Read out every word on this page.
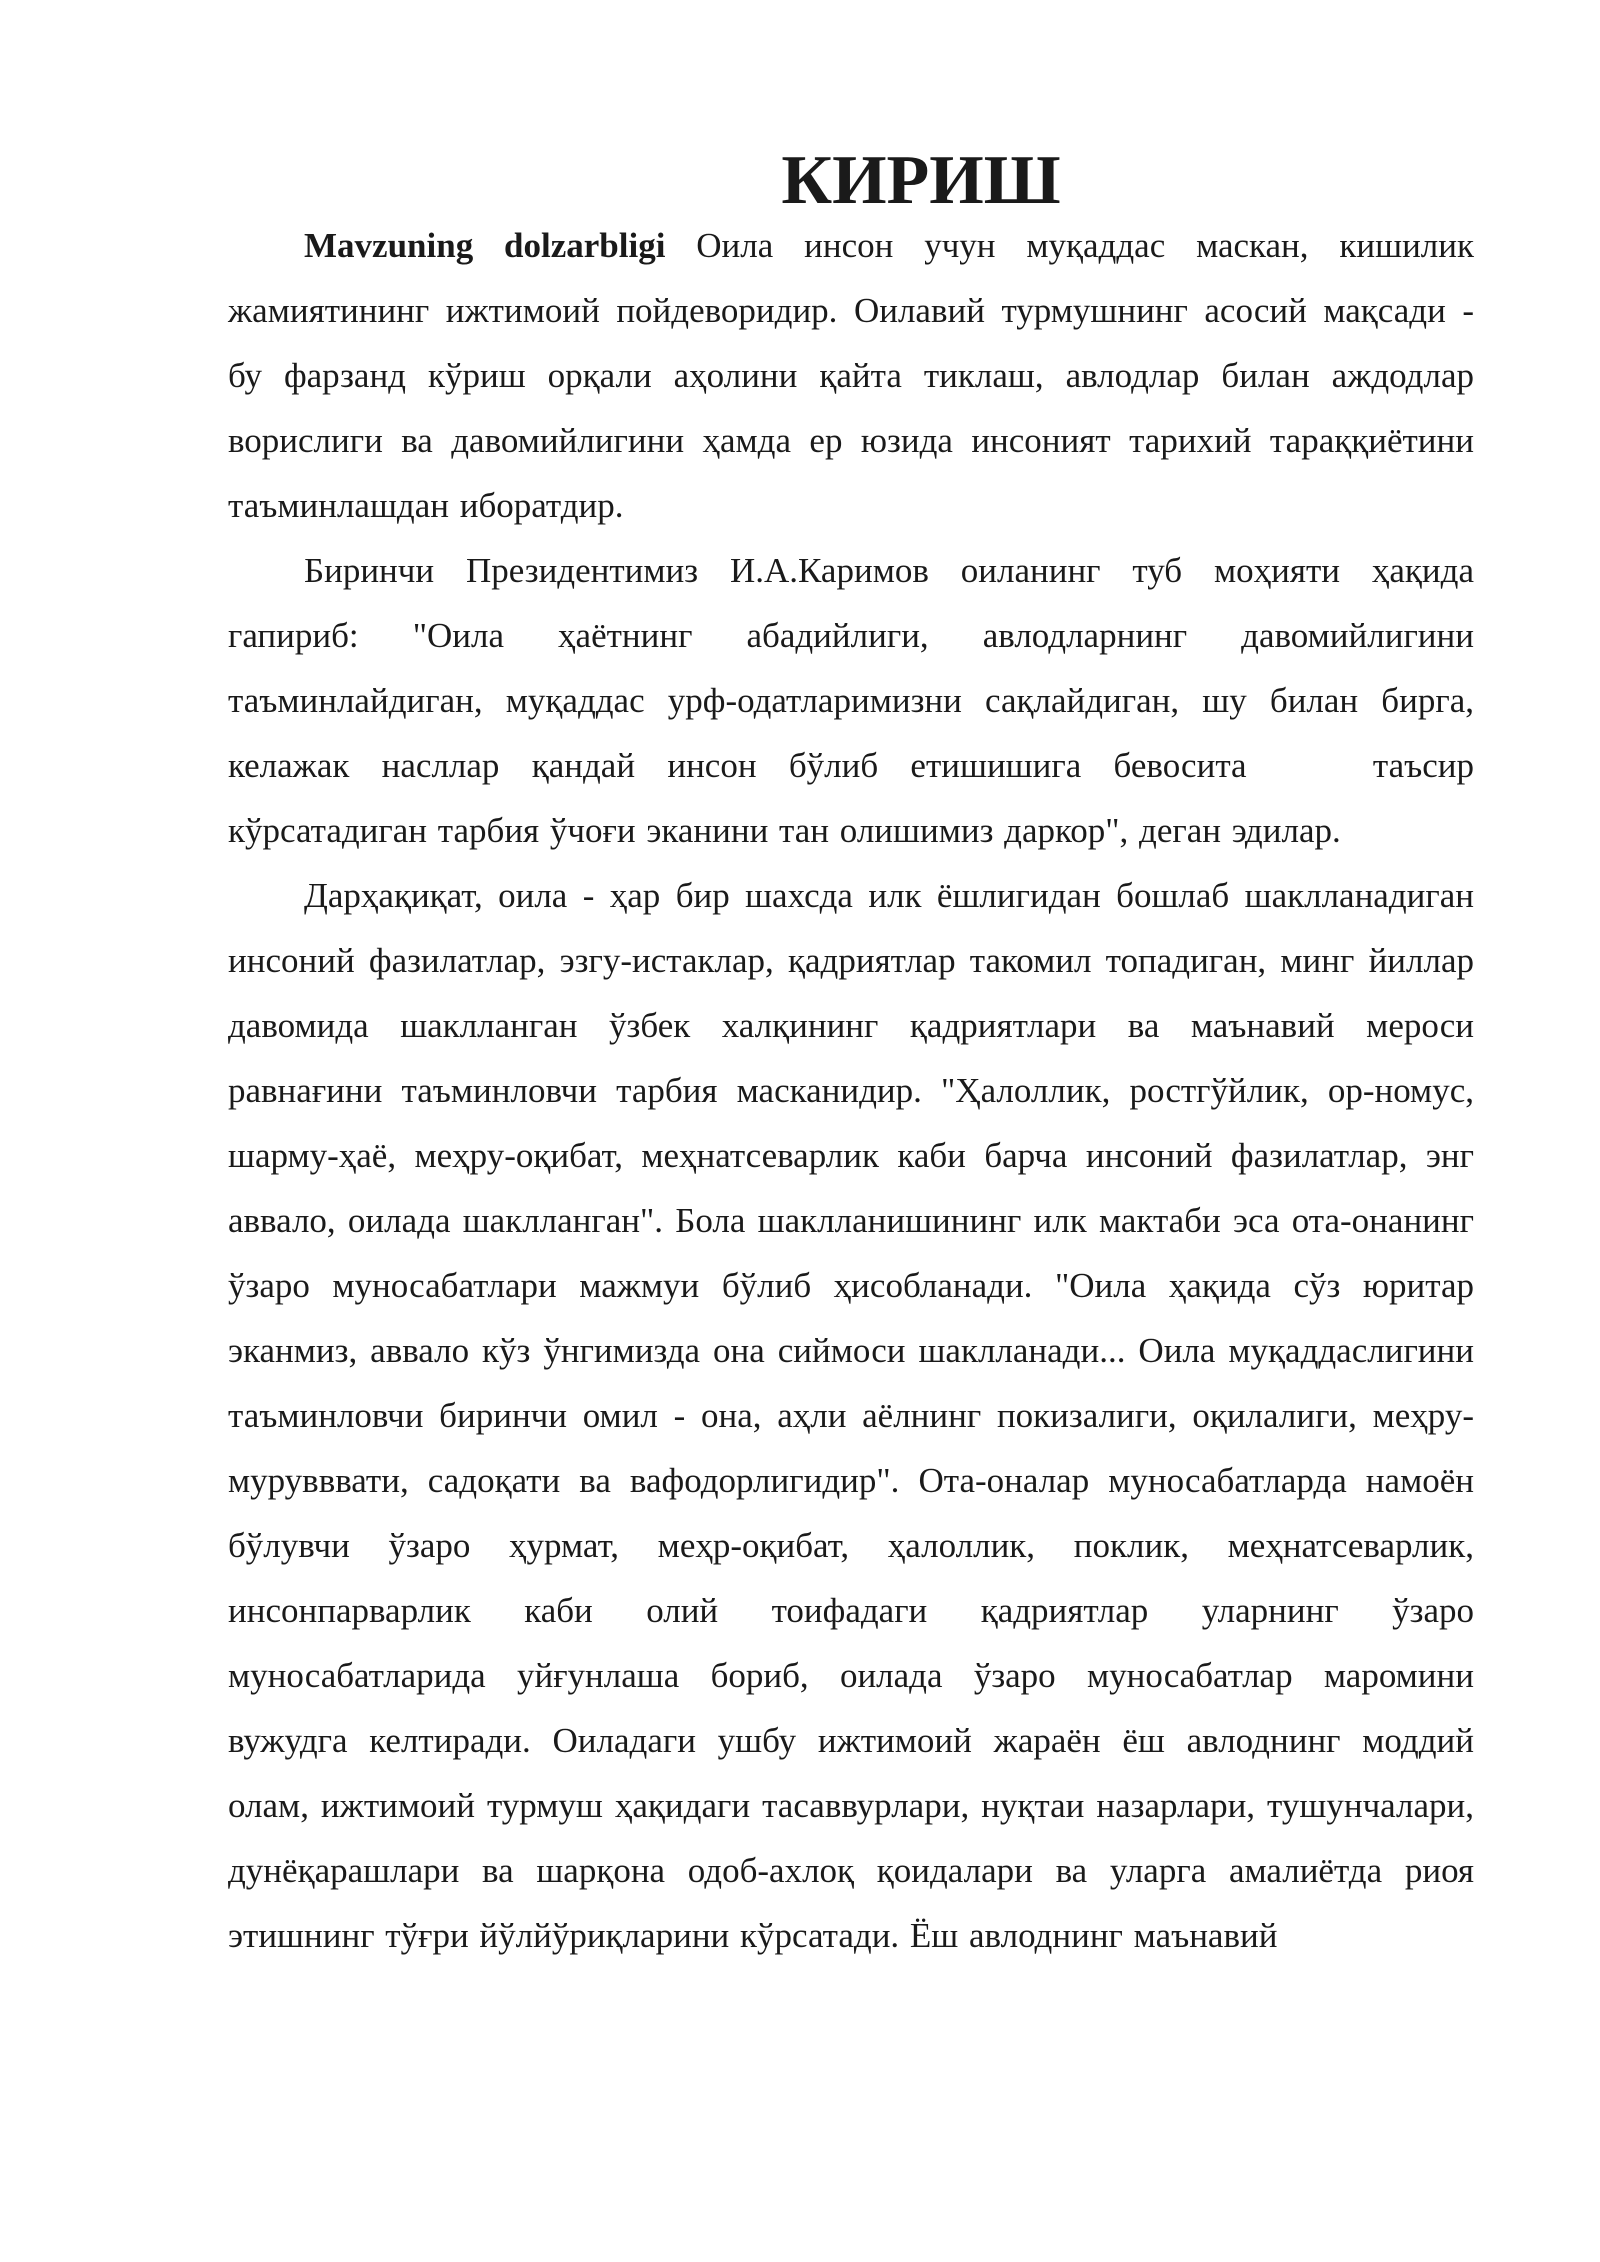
КИРИШ

Mavzuning dolzarbligi Оила инсон учун муқаддас маскан, кишилик жамиятининг ижтимоий пойдеворидир. Оилавий турмушнинг асосий мақсади - бу фарзанд кўриш орқали аҳолини қайта тиклаш, авлодлар билан аждодлар ворислиги ва давомийлигини ҳамда ер юзида инсоният тарихий тараққиётини таъминлашдан иборатдир.

Биринчи Президентимиз И.А.Каримов оиланинг туб моҳияти ҳақида гапириб: "Оила ҳаётнинг абадийлиги, авлодларнинг давомийлигини таъминлайдиган, муқаддас урф-одатларимизни сақлайдиган, шу билан бирга, келажак насллар қандай инсон бўлиб етишишига бевосита	таъсир кўрсатадиган тарбия ўчоғи эканини тан олишимиз даркор", деган эдилар.

Дарҳақиқат, оила - ҳар бир шахсда илк ёшлигидан бошлаб шаклланадиган инсоний фазилатлар, эзгу-истаклар, қадриятлар такомил топадиган, минг йиллар давомида шаклланган ўзбек халқининг қадриятлари ва маънавий мероси равнағини таъминловчи тарбия масканидир. "Ҳалоллик, ростгўйлик, ор-номус, шарму-ҳаё, меҳру-оқибат, меҳнатсеварлик каби барча инсоний фазилатлар, энг аввало, оилада шаклланган". Бола шаклланишининг илк мактаби эса ота-онанинг ўзаро муносабатлари мажмуи бўлиб ҳисобланади. "Оила ҳақида сўз юритар эканмиз, аввало кўз ўнгимизда она сиймоси шаклланади... Оила муқаддаслигини таъминловчи биринчи омил - она, аҳли аёлнинг покизалиги, оқилалиги, меҳру-мурувввати, садоқати ва вафодорлигидир". Ота-оналар муносабатларда намоён бўлувчи ўзаро ҳурмат, меҳр-оқибат, ҳалоллик, поклик, меҳнатсеварлик, инсонпарварлик каби олий тоифадаги қадриятлар уларнинг ўзаро муносабатларида уйғунлаша бориб, оилада ўзаро муносабатлар маромини вужудга келтиради. Оиладаги ушбу ижтимоий жараён ёш авлоднинг моддий олам, ижтимоий турмуш ҳақидаги тасаввурлари, нуқтаи назарлари, тушунчалари, дунёқарашлари ва шарқона одоб-ахлоқ қоидалари ва уларга амалиётда риоя этишнинг тўғри йўлйўриқларини кўрсатади. Ёш авлоднинг маънавий
